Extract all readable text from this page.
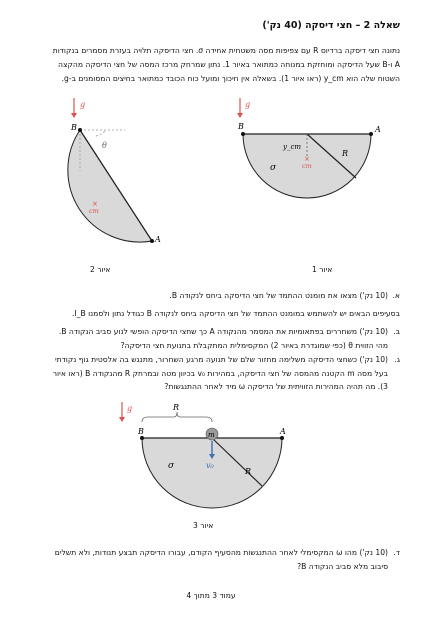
שאלה 2 – חצי דיסקה (40 נק')
נתונה חצי דיסקה ברדיוס R עם צפיפות מסה משטחית אחידה σ. חצי הדיסקה תלויה בעזרת מסמרים בנקודות
A ו-B שעל הדיסקה ומוחזקת במנוחה כמתואר באיור 1. נתון שמרחק מרכז המסה של חצי הדיסקה מהקצה
השטוח שלה הוא y_cm (ראו איור 1). בשאלה אין חיכוך ומועל כוח הכובד כמתואר בחיצים המסומנים ב-g.
g
B
A
θ
×
cm
איור 2
g
B	A
y_cm
×
cm
R
σ
איור 1
א.(10 נק') מצאו את מומנט ההתמד של חצי הדיסקה ביחס לנקודה B.
בסעיפים הבאים יש להשתמש במומנט ההתמד של חצי הדיסקה ביחס לנקודה B כגודל נתון ולסמנו I_B.
ב.(10 נק') משחררים בפתאומיות את המסמר מהנקודה A כך שחצי הדיסקה הופשי לנוע סביב הנקודה B.
מהי הזווית θ (כפי שמוגדרת באיור 2) המקסימלית המתקבלת בתנועת חצי הדיסקה?
ג.(10 נק') כשחצי הדיסקה משלימה מחזור שלם של תנועה מרגע השחרור, מתנגש בה אלסטית גוף נקודתי
בעל מסה m הקטנה מהמסה של חצי הדיסקה, במהירות v₀ בכיוון מטה ובמרחק R מהנקודה B (ראו איור
3). מה תהיה המהירות הזוויתית של הדיסקה ω מיד לאחר ההתנגשות?
R
g
B	A
m
v₀
σ
R
איור 3
ד.(10 נק') מהו ω המקסימלי לאחר ההתנגשות מהסעיף הקודם, עבורו הדיסקה תבצע תנודות, ולא תשלים
סיבוב מלא סביב הנקודה B?
עמוד 3 מתוך 4
